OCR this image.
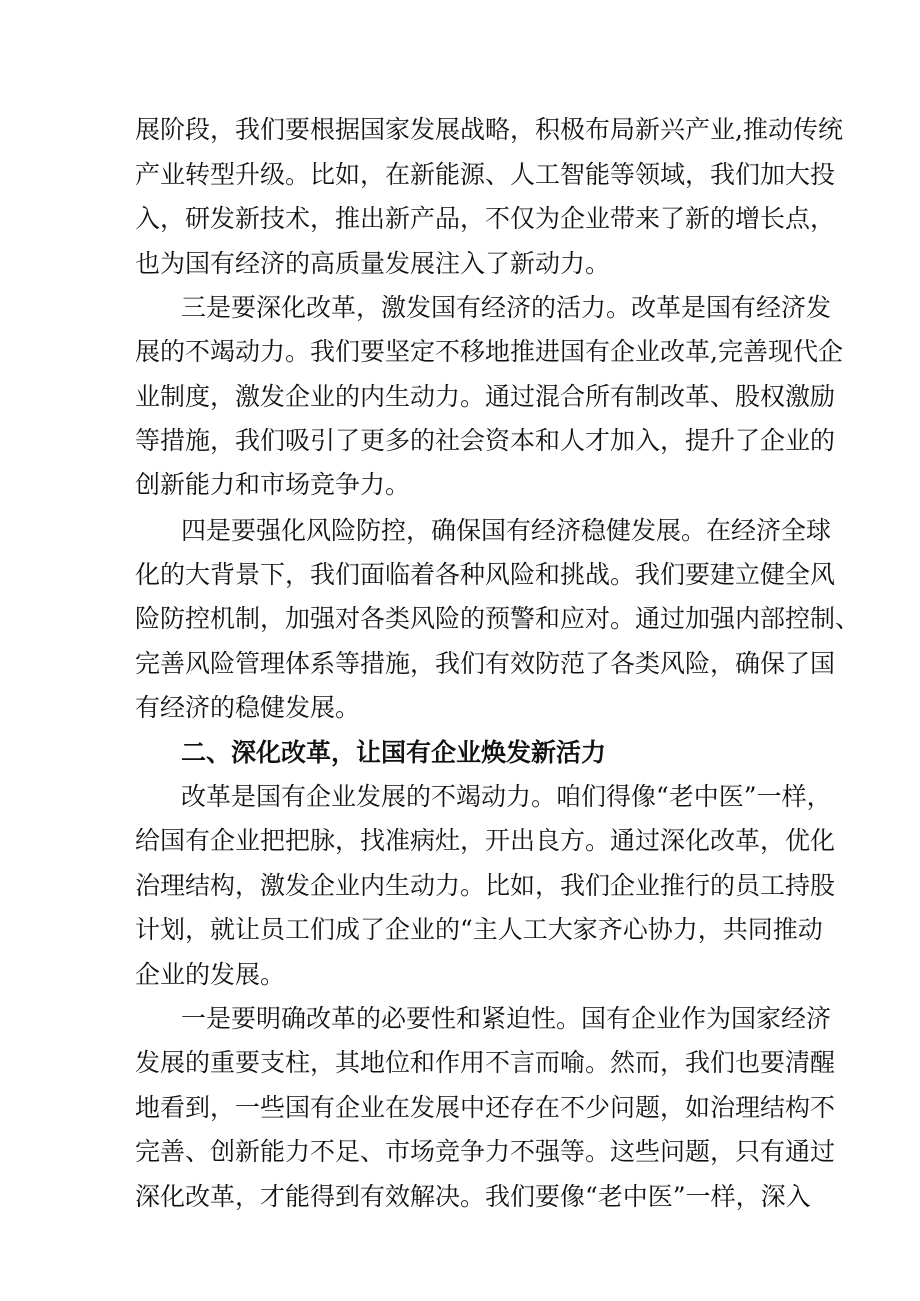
展阶段，我们要根据国家发展战略，积极布局新兴产业,推动传统

产业转型升级。比如，在新能源、人工智能等领域，我们加大投

入，研发新技术，推出新产品，不仅为企业带来了新的增长点，

也为国有经济的高质量发展注入了新动力。

三是要深化改革，激发国有经济的活力。改革是国有经济发

展的不竭动力。我们要坚定不移地推进国有企业改革,完善现代企

业制度，激发企业的内生动力。通过混合所有制改革、股权激励

等措施，我们吸引了更多的社会资本和人才加入，提升了企业的

创新能力和市场竞争力。

四是要强化风险防控，确保国有经济稳健发展。在经济全球

化的大背景下，我们面临着各种风险和挑战。我们要建立健全风

险防控机制，加强对各类风险的预警和应对。通过加强内部控制、

完善风险管理体系等措施，我们有效防范了各类风险，确保了国

有经济的稳健发展。

二、深化改革，让国有企业焕发新活力

改革是国有企业发展的不竭动力。咱们得像“老中医”一样，

给国有企业把把脉，找准病灶，开出良方。通过深化改革，优化

治理结构，激发企业内生动力。比如，我们企业推行的员工持股

计划，就让员工们成了企业的“主人工大家齐心协力，共同推动

企业的发展。

一是要明确改革的必要性和紧迫性。国有企业作为国家经济

发展的重要支柱，其地位和作用不言而喻。然而，我们也要清醒

地看到，一些国有企业在发展中还存在不少问题，如治理结构不

完善、创新能力不足、市场竞争力不强等。这些问题，只有通过

深化改革，才能得到有效解决。我们要像“老中医”一样，深入
